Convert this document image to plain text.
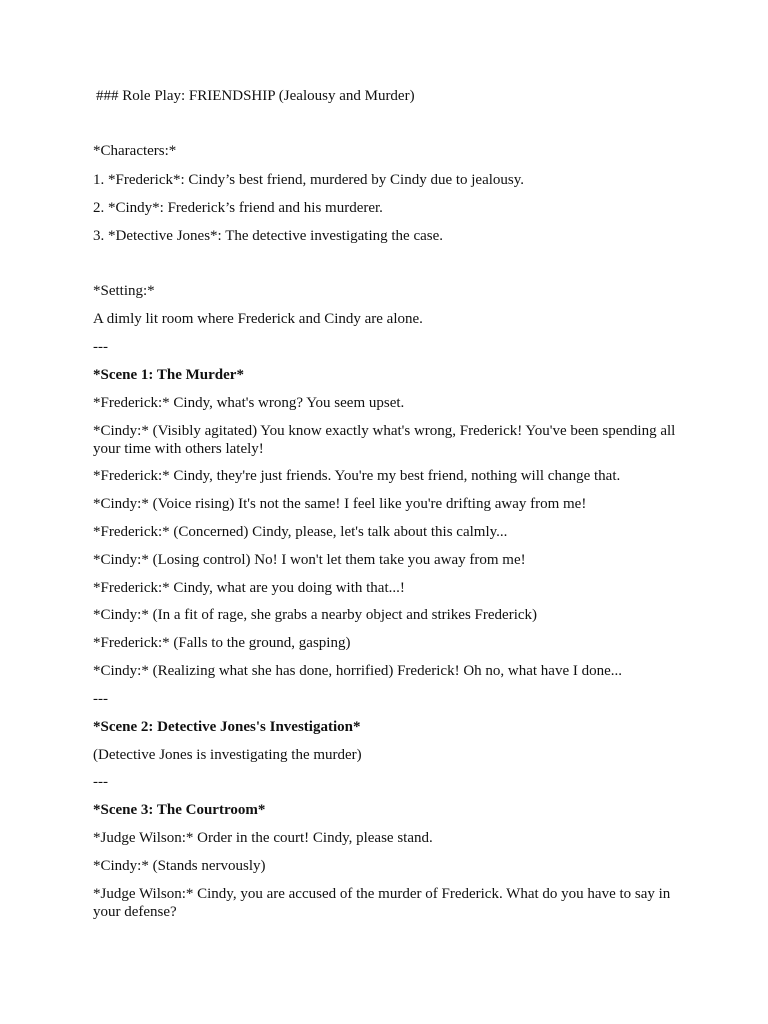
### Role Play: FRIENDSHIP (Jealousy and Murder)
*Characters:*
1. *Frederick*: Cindy’s best friend, murdered by Cindy due to jealousy.
2. *Cindy*: Frederick’s friend and his murderer.
3. *Detective Jones*: The detective investigating the case.
*Setting:*
A dimly lit room where Frederick and Cindy are alone.
---
*Scene 1: The Murder*
*Frederick:* Cindy, what's wrong? You seem upset.
*Cindy:* (Visibly agitated) You know exactly what's wrong, Frederick! You've been spending all your time with others lately!
*Frederick:* Cindy, they're just friends. You're my best friend, nothing will change that.
*Cindy:* (Voice rising) It's not the same! I feel like you're drifting away from me!
*Frederick:* (Concerned) Cindy, please, let's talk about this calmly...
*Cindy:* (Losing control) No! I won't let them take you away from me!
*Frederick:* Cindy, what are you doing with that...!
*Cindy:* (In a fit of rage, she grabs a nearby object and strikes Frederick)
*Frederick:* (Falls to the ground, gasping)
*Cindy:* (Realizing what she has done, horrified) Frederick! Oh no, what have I done...
---
*Scene 2: Detective Jones's Investigation*
(Detective Jones is investigating the murder)
---
*Scene 3: The Courtroom*
*Judge Wilson:* Order in the court! Cindy, please stand.
*Cindy:* (Stands nervously)
*Judge Wilson:* Cindy, you are accused of the murder of Frederick. What do you have to say in your defense?
